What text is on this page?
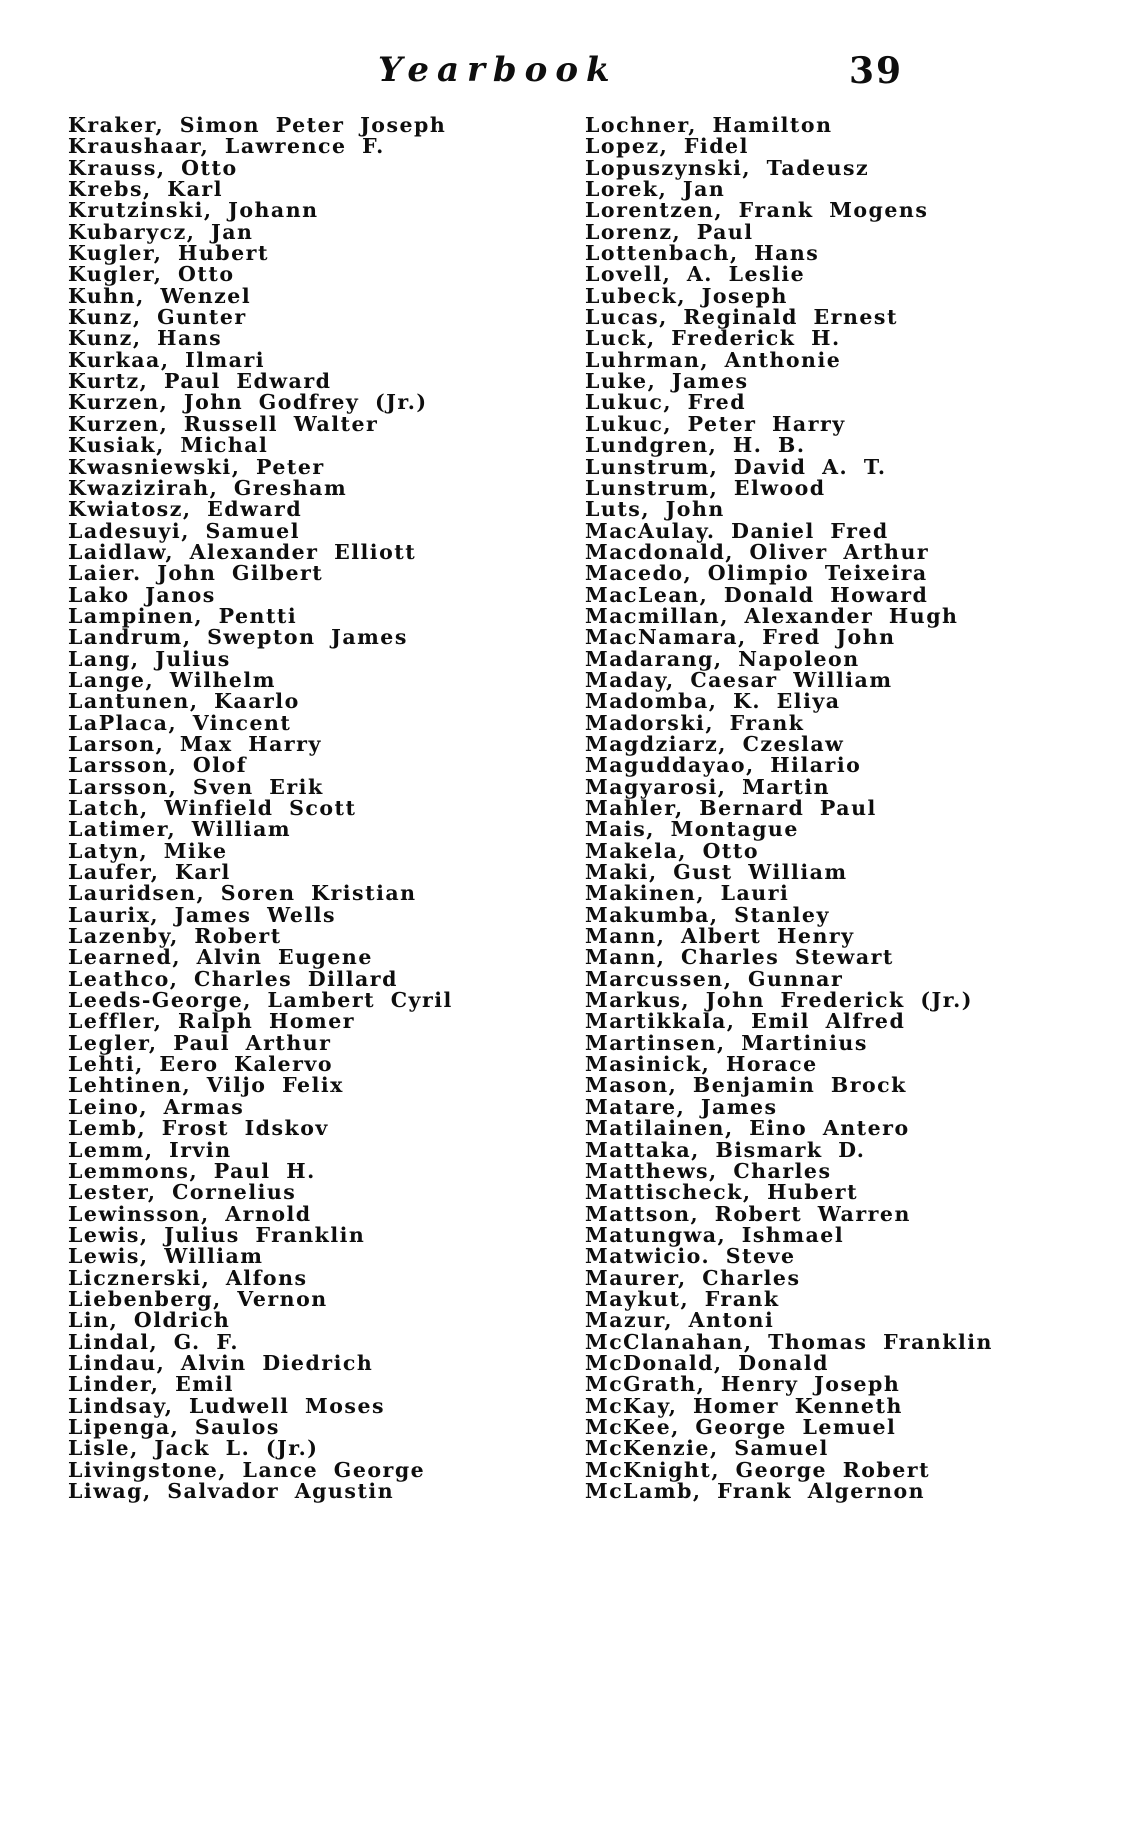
Yearbook	39
Kraker, Simon Peter Joseph
Kraushaar, Lawrence F.
Krauss, Otto
Krebs, Karl
Krutzinski, Johann
Kubarycz, Jan
Kugler, Hubert
Kugler, Otto
Kuhn, Wenzel
Kunz, Gunter
Kunz, Hans
Kurkaa, Ilmari
Kurtz, Paul Edward
Kurzen, John Godfrey (Jr.)
Kurzen, Russell Walter
Kusiak, Michal
Kwasniewski, Peter
Kwazizirah, Gresham
Kwiatosz, Edward
Ladesuyi, Samuel
Laidlaw, Alexander Elliott
Laier. John Gilbert
Lako Janos
Lampinen, Pentti
Landrum, Swepton James
Lang, Julius
Lange, Wilhelm
Lantunen, Kaarlo
LaPlaca, Vincent
Larson, Max Harry
Larsson, Olof
Larsson, Sven Erik
Latch, Winfield Scott
Latimer, William
Latyn, Mike
Laufer, Karl
Lauridsen, Soren Kristian
Laurix, James Wells
Lazenby, Robert
Learned, Alvin Eugene
Leathco, Charles Dillard
Leeds-George, Lambert Cyril
Leffler, Ralph Homer
Legler, Paul Arthur
Lehti, Eero Kalervo
Lehtinen, Viljo Felix
Leino, Armas
Lemb, Frost Idskov
Lemm, Irvin
Lemmons, Paul H.
Lester, Cornelius
Lewinsson, Arnold
Lewis, Julius Franklin
Lewis, William
Licznerski, Alfons
Liebenberg, Vernon
Lin, Oldrich
Lindal, G. F.
Lindau, Alvin Diedrich
Linder, Emil
Lindsay, Ludwell Moses
Lipenga, Saulos
Lisle, Jack L. (Jr.)
Livingstone, Lance George
Liwag, Salvador Agustin
Lochner, Hamilton
Lopez, Fidel
Lopuszynski, Tadeusz
Lorek, Jan
Lorentzen, Frank Mogens
Lorenz, Paul
Lottenbach, Hans
Lovell, A. Leslie
Lubeck, Joseph
Lucas, Reginald Ernest
Luck, Frederick H.
Luhrman, Anthonie
Luke, James
Lukuc, Fred
Lukuc, Peter Harry
Lundgren, H. B.
Lunstrum, David A. T.
Lunstrum, Elwood
Luts, John
MacAulay. Daniel Fred
Macdonald, Oliver Arthur
Macedo, Olimpio Teixeira
MacLean, Donald Howard
Macmillan, Alexander Hugh
MacNamara, Fred John
Madarang, Napoleon
Maday, Caesar William
Madomba, K. Eliya
Madorski, Frank
Magdziarz, Czeslaw
Maguddayao, Hilario
Magyarosi, Martin
Mahler, Bernard Paul
Mais, Montague
Makela, Otto
Maki, Gust William
Makinen, Lauri
Makumba, Stanley
Mann, Albert Henry
Mann, Charles Stewart
Marcussen, Gunnar
Markus, John Frederick (Jr.)
Martikkala, Emil Alfred
Martinsen, Martinius
Masinick, Horace
Mason, Benjamin Brock
Matare, James
Matilainen, Eino Antero
Mattaka, Bismark D.
Matthews, Charles
Mattischeck, Hubert
Mattson, Robert Warren
Matungwa, Ishmael
Matwicio. Steve
Maurer, Charles
Maykut, Frank
Mazur, Antoni
McClanahan, Thomas Franklin
McDonald, Donald
McGrath, Henry Joseph
McKay, Homer Kenneth
McKee, George Lemuel
McKenzie, Samuel
McKnight, George Robert
McLamb, Frank Algernon
